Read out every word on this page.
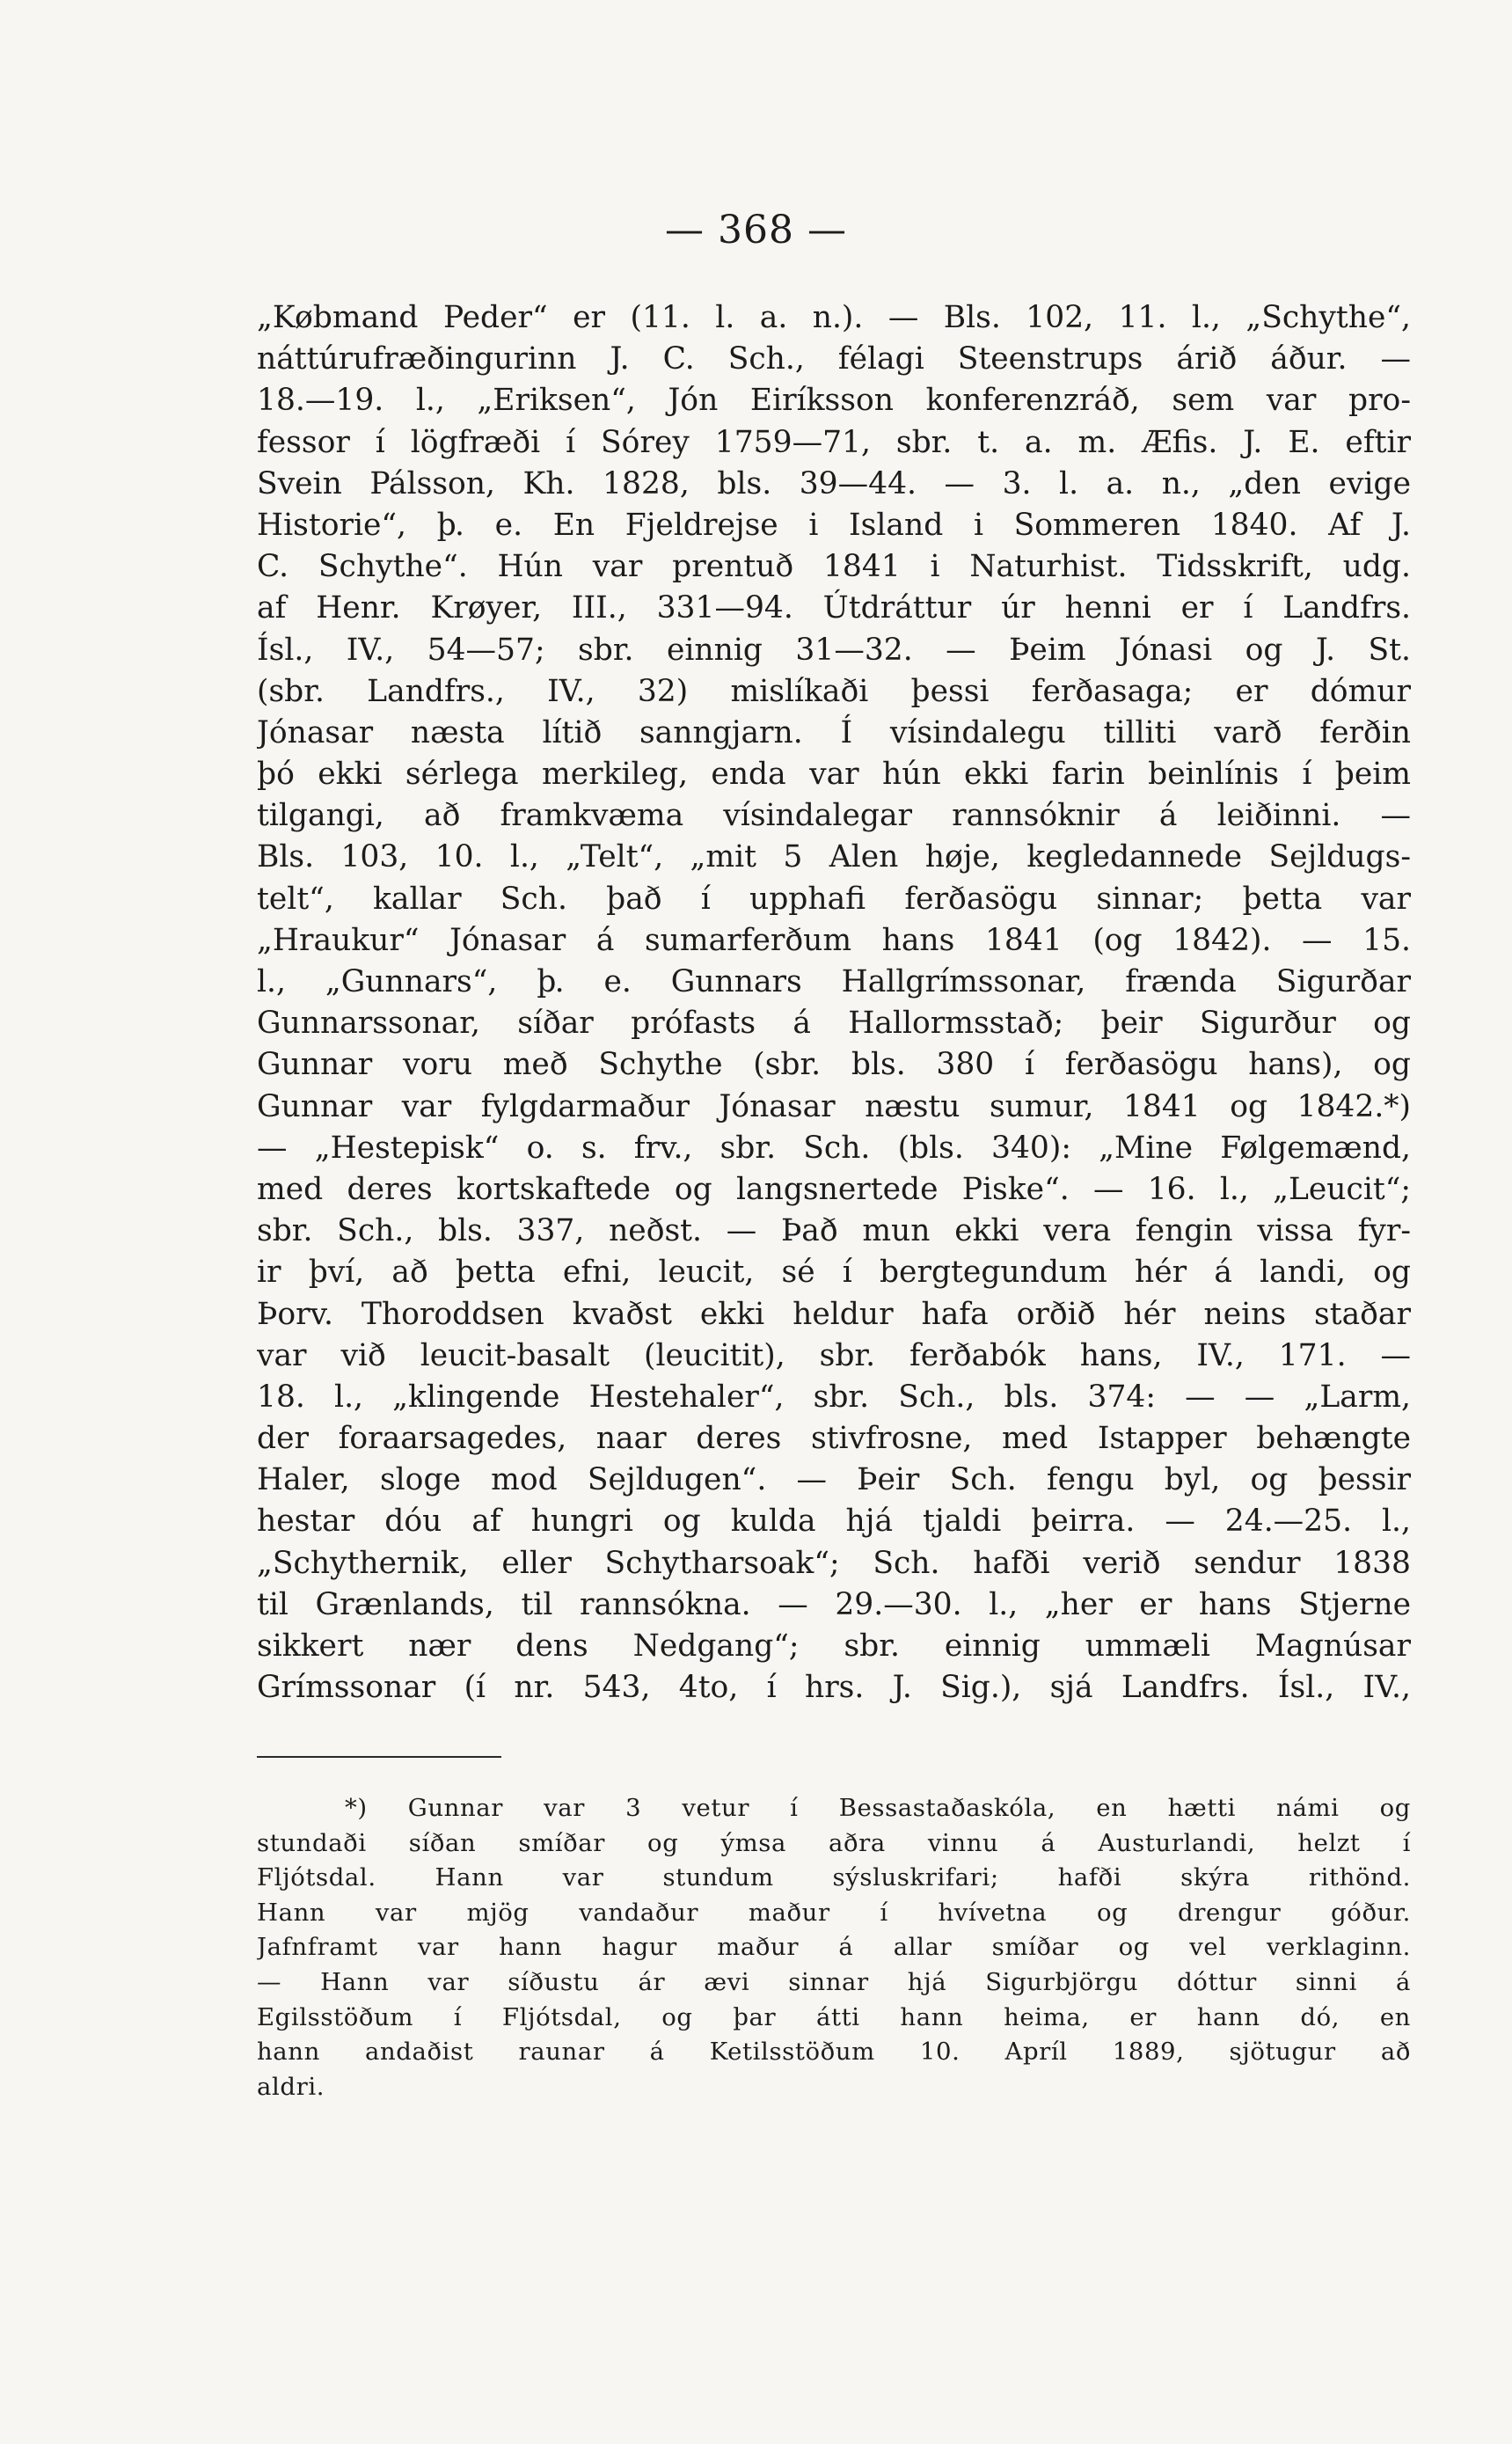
— 368 —
„Købmand Peder“ er (11. l. a. n.). — Bls. 102, 11. l., „Schythe“,
náttúrufræðingurinn J. C. Sch., félagi Steenstrups árið áður. —
18.—19. l., „Eriksen“, Jón Eiríksson konferenzráð, sem var pro-
fessor í lögfræði í Sórey 1759—71, sbr. t. a. m. Æfis. J. E. eftir
Svein Pálsson, Kh. 1828, bls. 39—44. — 3. l. a. n., „den evige
Historie“, þ. e. En Fjeldrejse i Island i Sommeren 1840. Af J.
C. Schythe“. Hún var prentuð 1841 i Naturhist. Tidsskrift, udg.
af Henr. Krøyer, III., 331—94. Útdráttur úr henni er í Landfrs.
Ísl., IV., 54—57; sbr. einnig 31—32. — Þeim Jónasi og J. St.
(sbr. Landfrs., IV., 32) mislíkaði þessi ferðasaga; er dómur
Jónasar næsta lítið sanngjarn. Í vísindalegu tilliti varð ferðin
þó ekki sérlega merkileg, enda var hún ekki farin beinlínis í þeim
tilgangi, að framkvæma vísindalegar rannsóknir á leiðinni. —
Bls. 103, 10. l., „Telt“, „mit 5 Alen høje, kegledannede Sejldugs-
telt“, kallar Sch. það í upphafi ferðasögu sinnar; þetta var
„Hraukur“ Jónasar á sumarferðum hans 1841 (og 1842). — 15.
l., „Gunnars“, þ. e. Gunnars Hallgrímssonar, frænda Sigurðar
Gunnarssonar, síðar prófasts á Hallormsstað; þeir Sigurður og
Gunnar voru með Schythe (sbr. bls. 380 í ferðasögu hans), og
Gunnar var fylgdarmaður Jónasar næstu sumur, 1841 og 1842.*)
— „Hestepisk“ o. s. frv., sbr. Sch. (bls. 340): „Mine Følgemænd,
med deres kortskaftede og langsnertede Piske“. — 16. l., „Leucit“;
sbr. Sch., bls. 337, neðst. — Það mun ekki vera fengin vissa fyr-
ir því, að þetta efni, leucit, sé í bergtegundum hér á landi, og
Þorv. Thoroddsen kvaðst ekki heldur hafa orðið hér neins staðar
var við leucit-basalt (leucitit), sbr. ferðabók hans, IV., 171. —
18. l., „klingende Hestehaler“, sbr. Sch., bls. 374: — — „Larm,
der foraarsagedes, naar deres stivfrosne, med Istapper behængte
Haler, sloge mod Sejldugen“. — Þeir Sch. fengu byl, og þessir
hestar dóu af hungri og kulda hjá tjaldi þeirra. — 24.—25. l.,
„Schythernik, eller Schytharsoak“; Sch. hafði verið sendur 1838
til Grænlands, til rannsókna. — 29.—30. l., „her er hans Stjerne
sikkert nær dens Nedgang“; sbr. einnig ummæli Magnúsar
Grímssonar (í nr. 543, 4to, í hrs. J. Sig.), sjá Landfrs. Ísl., IV.,
*) Gunnar var 3 vetur í Bessastaðaskóla, en hætti námi og
stundaði síðan smíðar og ýmsa aðra vinnu á Austurlandi, helzt í
Fljótsdal. Hann var stundum sýsluskrifari; hafði skýra rithönd.
Hann var mjög vandaður maður í hvívetna og drengur góður.
Jafnframt var hann hagur maður á allar smíðar og vel verklaginn.
— Hann var síðustu ár ævi sinnar hjá Sigurbjörgu dóttur sinni á
Egilsstöðum í Fljótsdal, og þar átti hann heima, er hann dó, en
hann andaðist raunar á Ketilsstöðum 10. Apríl 1889, sjötugur að
aldri.
